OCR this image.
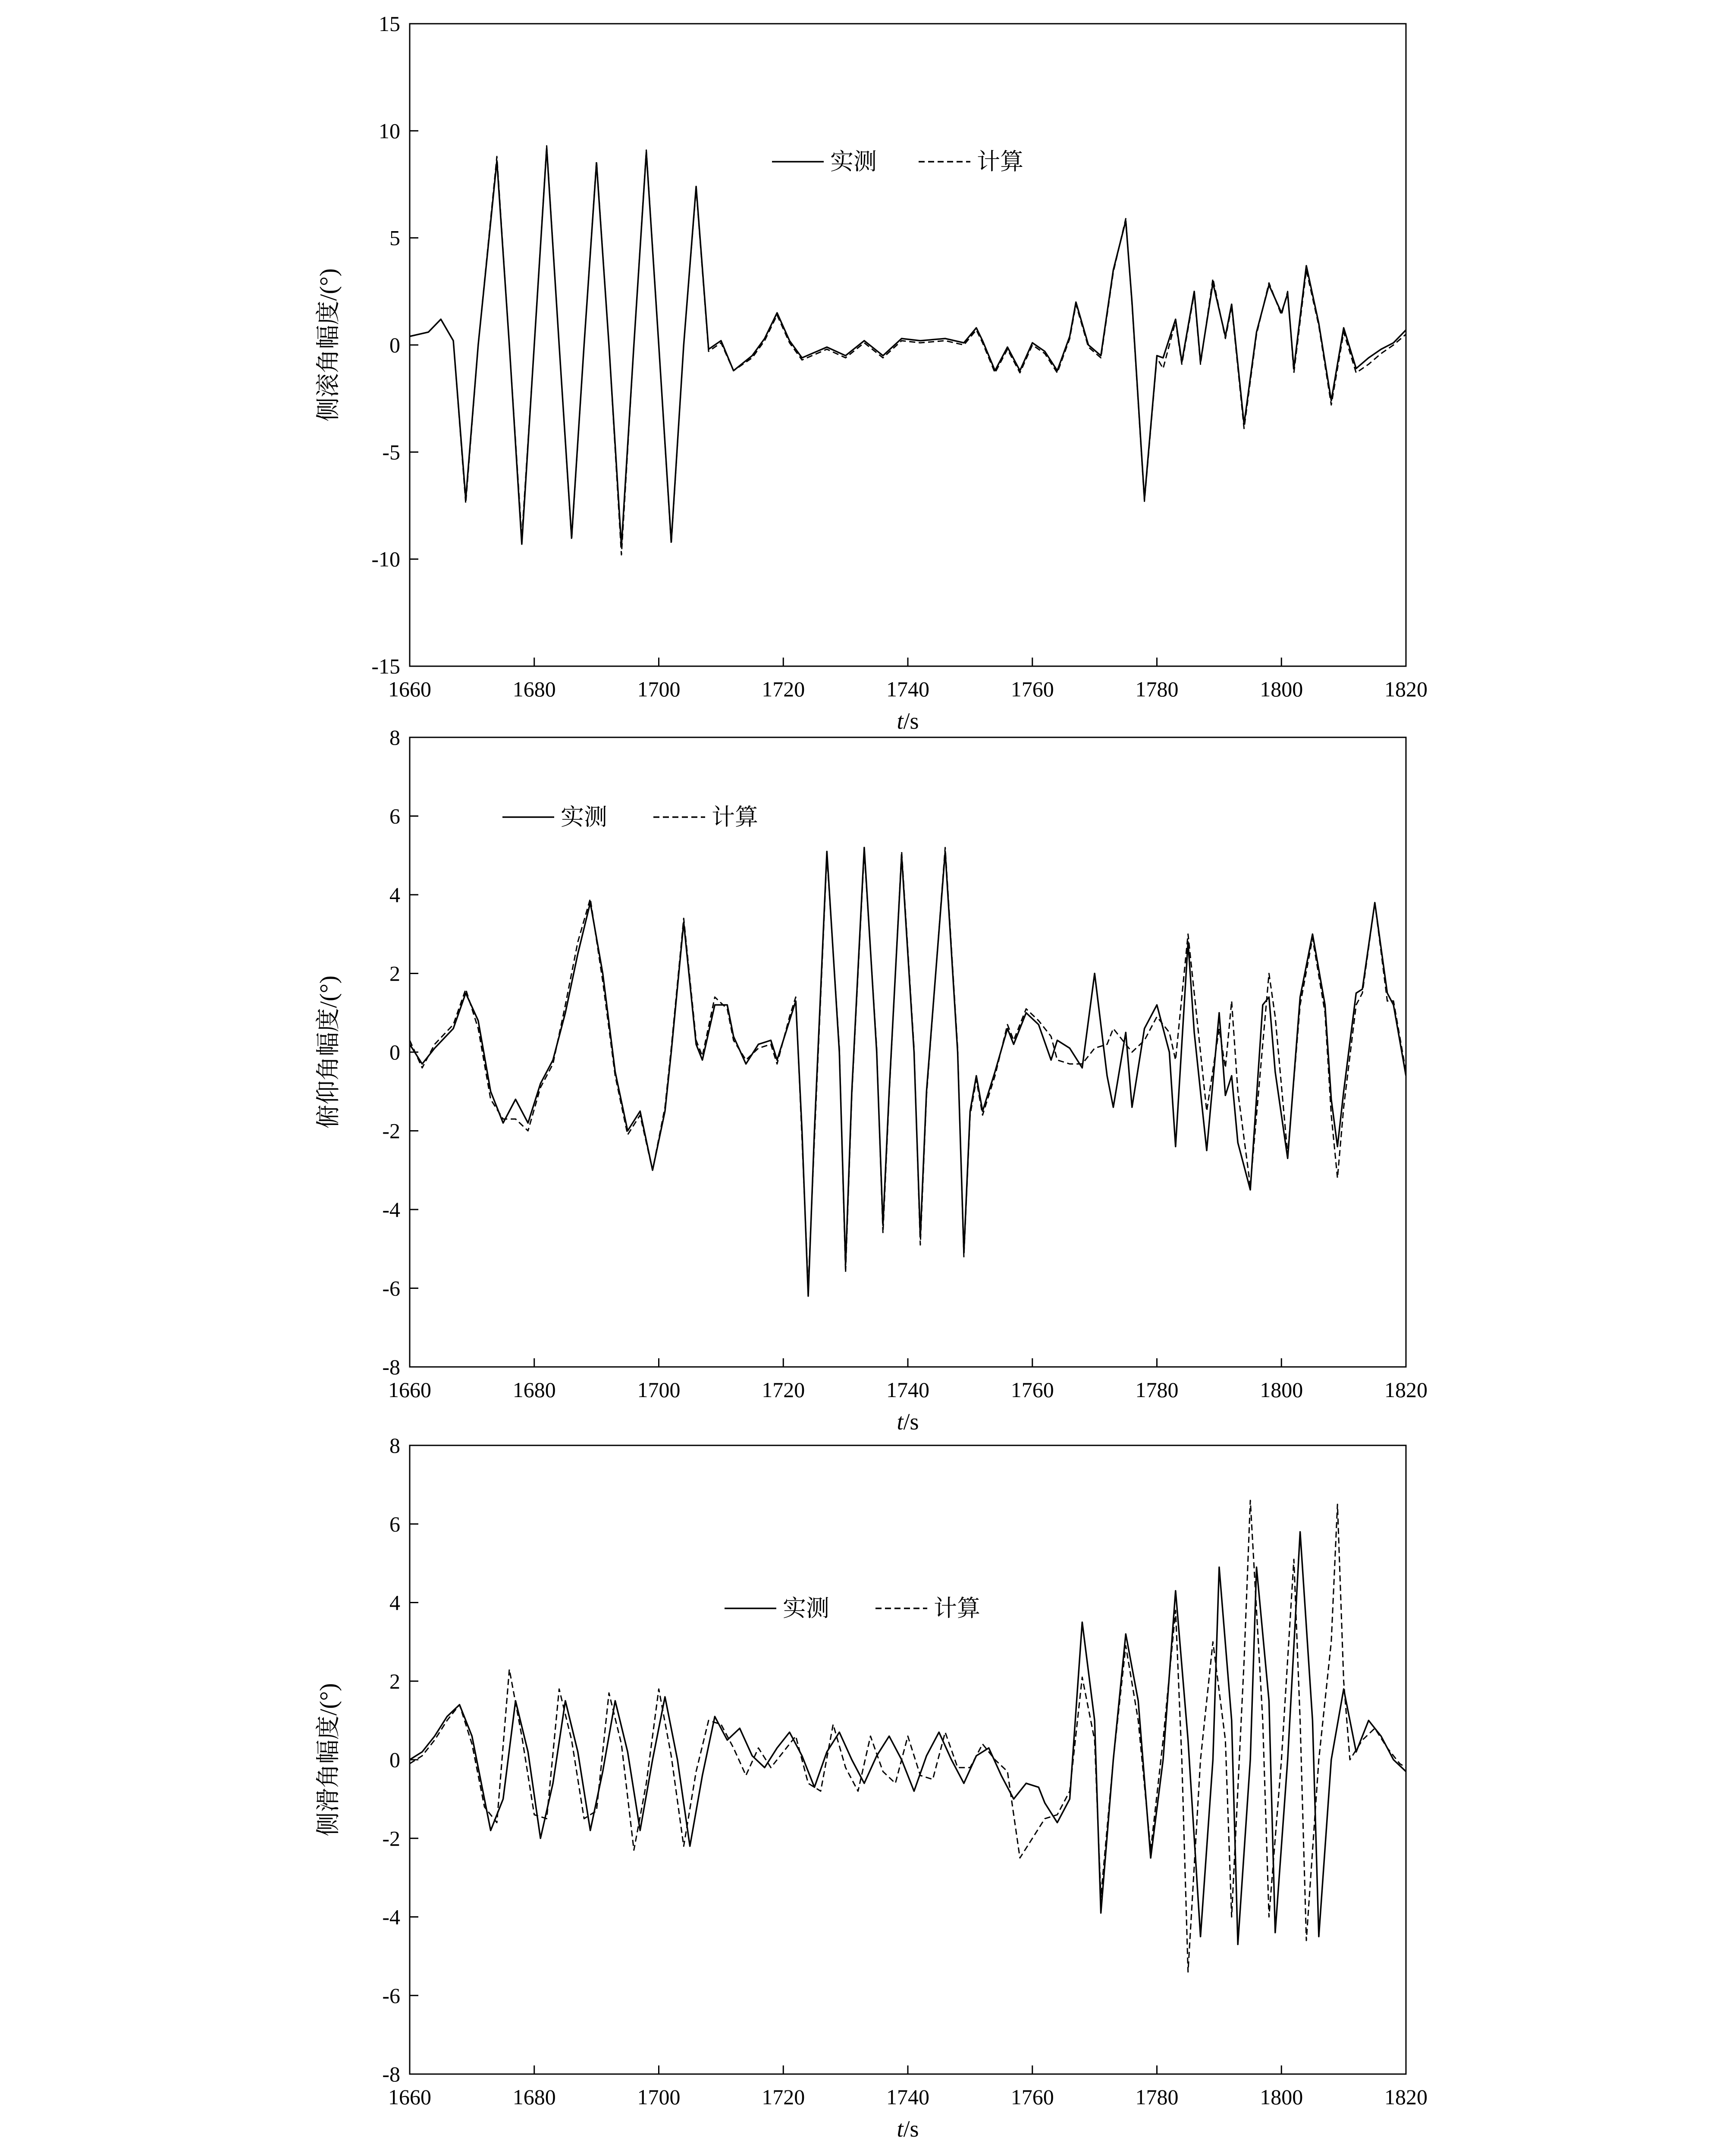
1660	1680	1700	1720	1740	1760	1780	1800	1820
15
10
5
0
-5
-10
-15
t/s
侧滚角幅度/(°)
实测	计算
1660	1680	1700	1720	1740	1760	1780	1800	1820
8
6
4
2
0
-2
-4
-6
-8
t/s
俯仰角幅度/(°)
实测	计算
1660	1680	1700	1720	1740	1760	1780	1800	1820
8
6
4
2
0
-2
-4
-6
-8
t/s
侧滑角幅度/(°)
实测	计算
